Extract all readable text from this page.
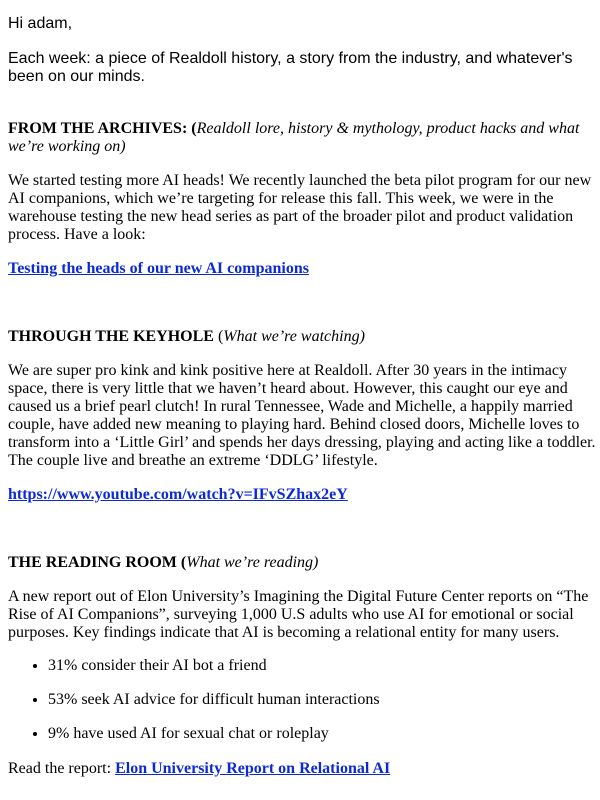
Hi adam,

Each week: a piece of Realdoll history, a story from the industry, and whatever's been on our minds.

FROM THE ARCHIVES: (Realdoll lore, history & mythology, product hacks and what we’re working on)

We started testing more AI heads! We recently launched the beta pilot program for our new AI companions, which we’re targeting for release this fall. This week, we were in the warehouse testing the new head series as part of the broader pilot and product validation process. Have a look:

Testing the heads of our new AI companions

THROUGH THE KEYHOLE (What we’re watching)

We are super pro kink and kink positive here at Realdoll. After 30 years in the intimacy space, there is very little that we haven’t heard about. However, this caught our eye and caused us a brief pearl clutch! In rural Tennessee, Wade and Michelle, a happily married couple, have added new meaning to playing hard. Behind closed doors, Michelle loves to transform into a ‘Little Girl’ and spends her days dressing, playing and acting like a toddler. The couple live and breathe an extreme ‘DDLG’ lifestyle.

https://www.youtube.com/watch?v=IFvSZhax2eY

THE READING ROOM (What we’re reading)

A new report out of Elon University’s Imagining the Digital Future Center reports on “The Rise of AI Companions”, surveying 1,000 U.S adults who use AI for emotional or social purposes. Key findings indicate that AI is becoming a relational entity for many users.

• 31% consider their AI bot a friend
• 53% seek AI advice for difficult human interactions
• 9% have used AI for sexual chat or roleplay

Read the report: Elon University Report on Relational AI
